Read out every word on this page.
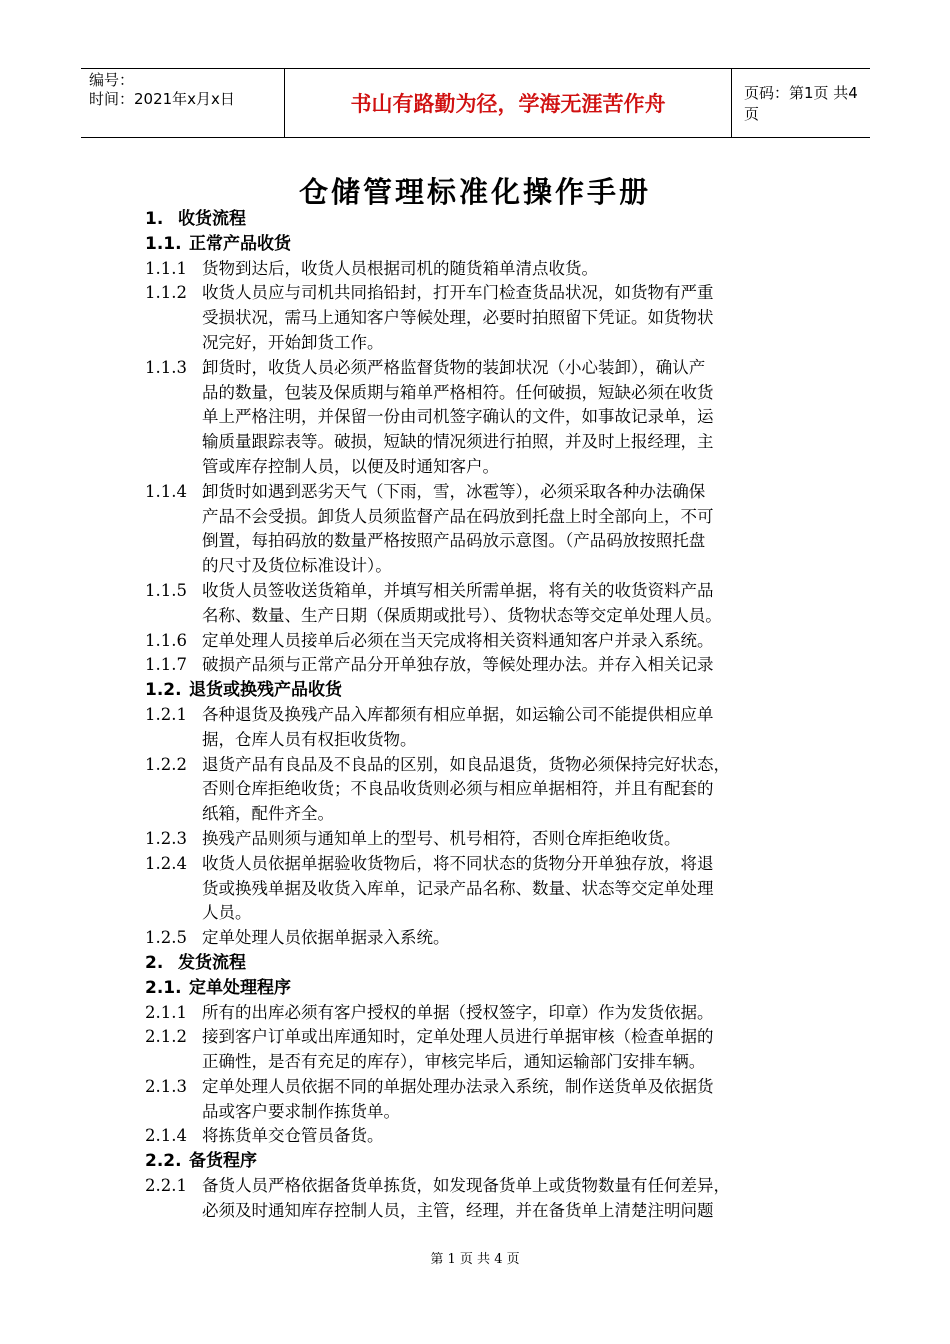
编号：
时间：2021年x月x日	书山有路勤为径，学海无涯苦作舟	页码：第1页 共4页
仓储管理标准化操作手册
1. 收货流程
1.1. 正常产品收货
1.1.1 货物到达后，收货人员根据司机的随货箱单清点收货。
1.1.2 收货人员应与司机共同掐铅封，打开车门检查货品状况，如货物有严重
受损状况，需马上通知客户等候处理，必要时拍照留下凭证。如货物状
况完好，开始卸货工作。
1.1.3 卸货时，收货人员必须严格监督货物的装卸状况（小心装卸），确认产
品的数量，包装及保质期与箱单严格相符。任何破损，短缺必须在收货
单上严格注明，并保留一份由司机签字确认的文件，如事故记录单，运
输质量跟踪表等。破损，短缺的情况须进行拍照，并及时上报经理，主
管或库存控制人员，以便及时通知客户。
1.1.4 卸货时如遇到恶劣天气（下雨，雪，冰雹等），必须采取各种办法确保
产品不会受损。卸货人员须监督产品在码放到托盘上时全部向上，不可
倒置，每拍码放的数量严格按照产品码放示意图。（产品码放按照托盘
的尺寸及货位标准设计）。
1.1.5 收货人员签收送货箱单，并填写相关所需单据，将有关的收货资料产品
名称、数量、生产日期（保质期或批号）、货物状态等交定单处理人员。
1.1.6 定单处理人员接单后必须在当天完成将相关资料通知客户并录入系统。
1.1.7 破损产品须与正常产品分开单独存放，等候处理办法。并存入相关记录
1.2. 退货或换残产品收货
1.2.1 各种退货及换残产品入库都须有相应单据，如运输公司不能提供相应单
据，仓库人员有权拒收货物。
1.2.2 退货产品有良品及不良品的区别，如良品退货，货物必须保持完好状态，
否则仓库拒绝收货；不良品收货则必须与相应单据相符，并且有配套的
纸箱，配件齐全。
1.2.3 换残产品则须与通知单上的型号、机号相符，否则仓库拒绝收货。
1.2.4 收货人员依据单据验收货物后，将不同状态的货物分开单独存放，将退
货或换残单据及收货入库单，记录产品名称、数量、状态等交定单处理
人员。
1.2.5 定单处理人员依据单据录入系统。
2. 发货流程
2.1. 定单处理程序
2.1.1 所有的出库必须有客户授权的单据（授权签字，印章）作为发货依据。
2.1.2 接到客户订单或出库通知时，定单处理人员进行单据审核（检查单据的
正确性，是否有充足的库存），审核完毕后，通知运输部门安排车辆。
2.1.3 定单处理人员依据不同的单据处理办法录入系统，制作送货单及依据货
品或客户要求制作拣货单。
2.1.4 将拣货单交仓管员备货。
2.2. 备货程序
2.2.1 备货人员严格依据备货单拣货，如发现备货单上或货物数量有任何差异，
必须及时通知库存控制人员，主管，经理，并在备货单上清楚注明问题
第 1 页 共 4 页
